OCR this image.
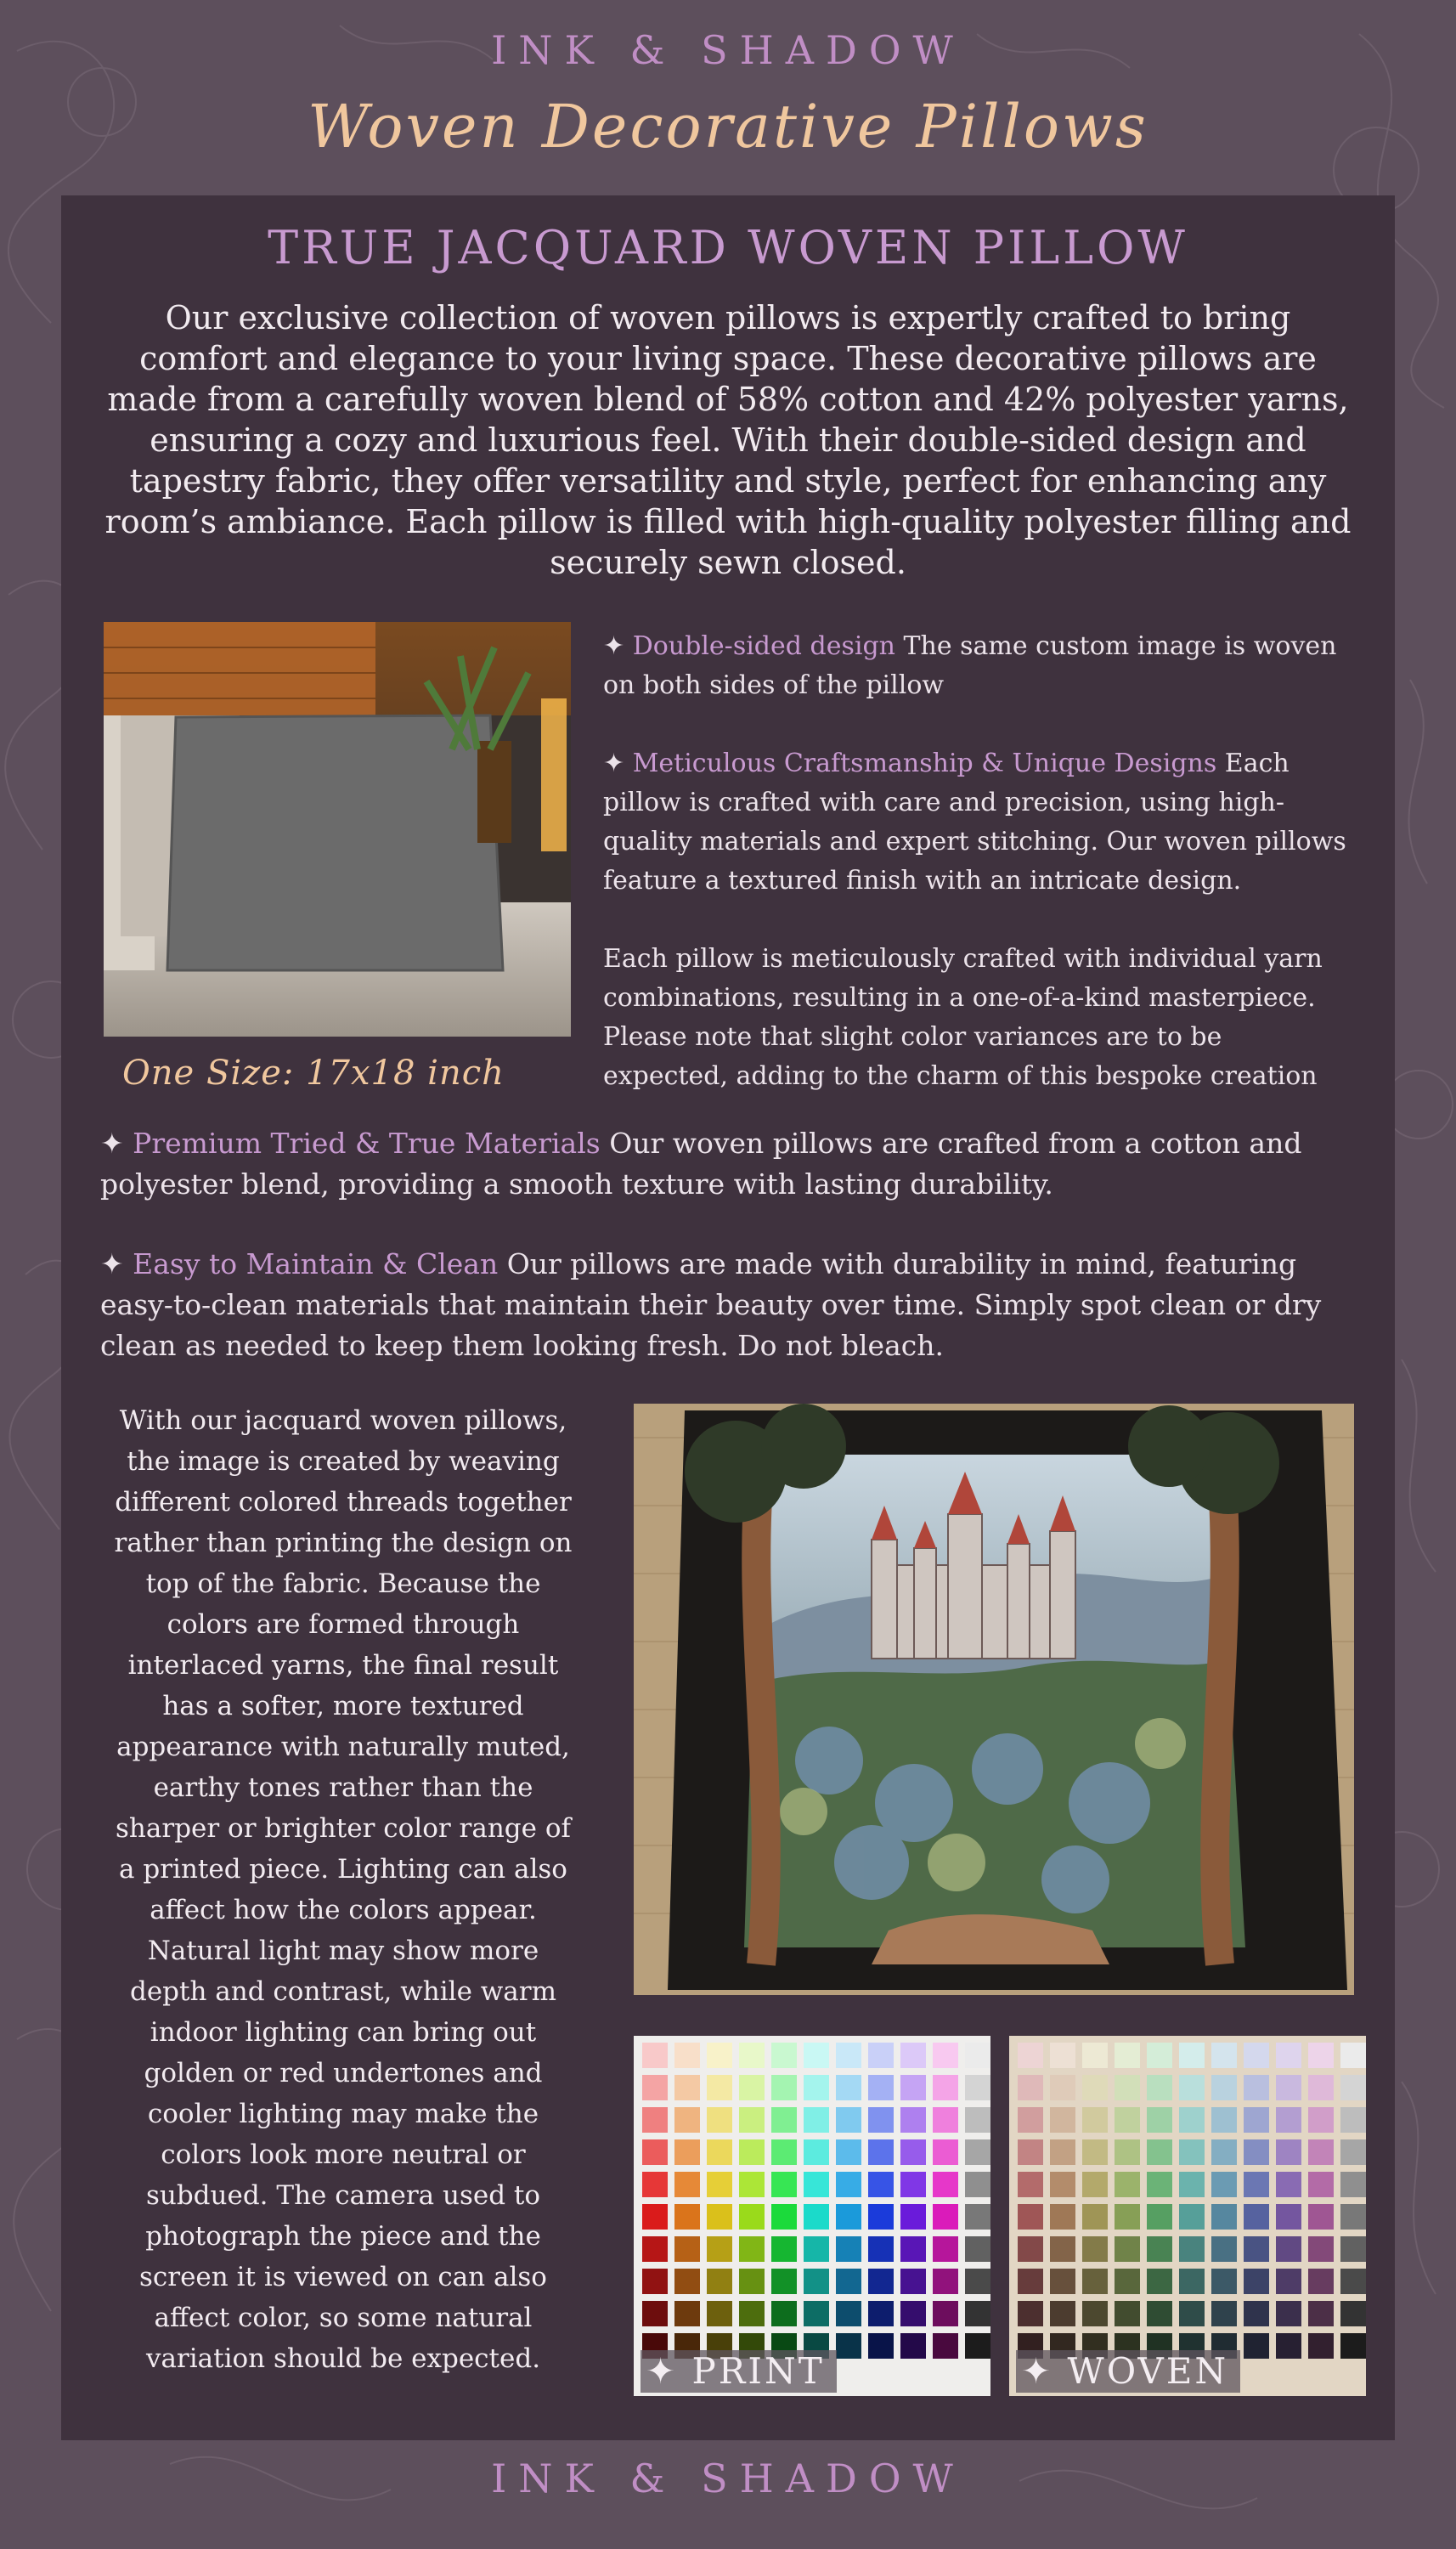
INK & SHADOW
Woven Decorative Pillows
TRUE JACQUARD WOVEN PILLOW
Our exclusive collection of woven pillows is expertly crafted to bring comfort and elegance to your living space. These decorative pillows are made from a carefully woven blend of 58% cotton and 42% polyester yarns, ensuring a cozy and luxurious feel. With their double-sided design and tapestry fabric, they offer versatility and style, perfect for enhancing any room’s ambiance. Each pillow is filled with high-quality polyester filling and securely sewn closed.
One Size: 17x18 inch

✦ Double-sided design The same custom image is woven on both sides of the pillow

✦ Meticulous Craftsmanship & Unique Designs Each pillow is crafted with care and precision, using high-quality materials and expert stitching. Our woven pillows feature a textured finish with an intricate design.

Each pillow is meticulously crafted with individual yarn combinations, resulting in a one-of-a-kind masterpiece. Please note that slight color variances are to be expected, adding to the charm of this bespoke creation

✦ Premium Tried & True Materials Our woven pillows are crafted from a cotton and polyester blend, providing a smooth texture with lasting durability.

✦ Easy to Maintain & Clean Our pillows are made with durability in mind, featuring easy-to-clean materials that maintain their beauty over time. Simply spot clean or dry clean as needed to keep them looking fresh. Do not bleach.

With our jacquard woven pillows, the image is created by weaving different colored threads together rather than printing the design on top of the fabric. Because the colors are formed through interlaced yarns, the final result has a softer, more textured appearance with naturally muted, earthy tones rather than the sharper or brighter color range of a printed piece. Lighting can also affect how the colors appear. Natural light may show more depth and contrast, while warm indoor lighting can bring out golden or red undertones and cooler lighting may make the colors look more neutral or subdued. The camera used to photograph the piece and the screen it is viewed on can also affect color, so some natural variation should be expected.	✦ PRINT	✦ WOVEN
INK & SHADOW
